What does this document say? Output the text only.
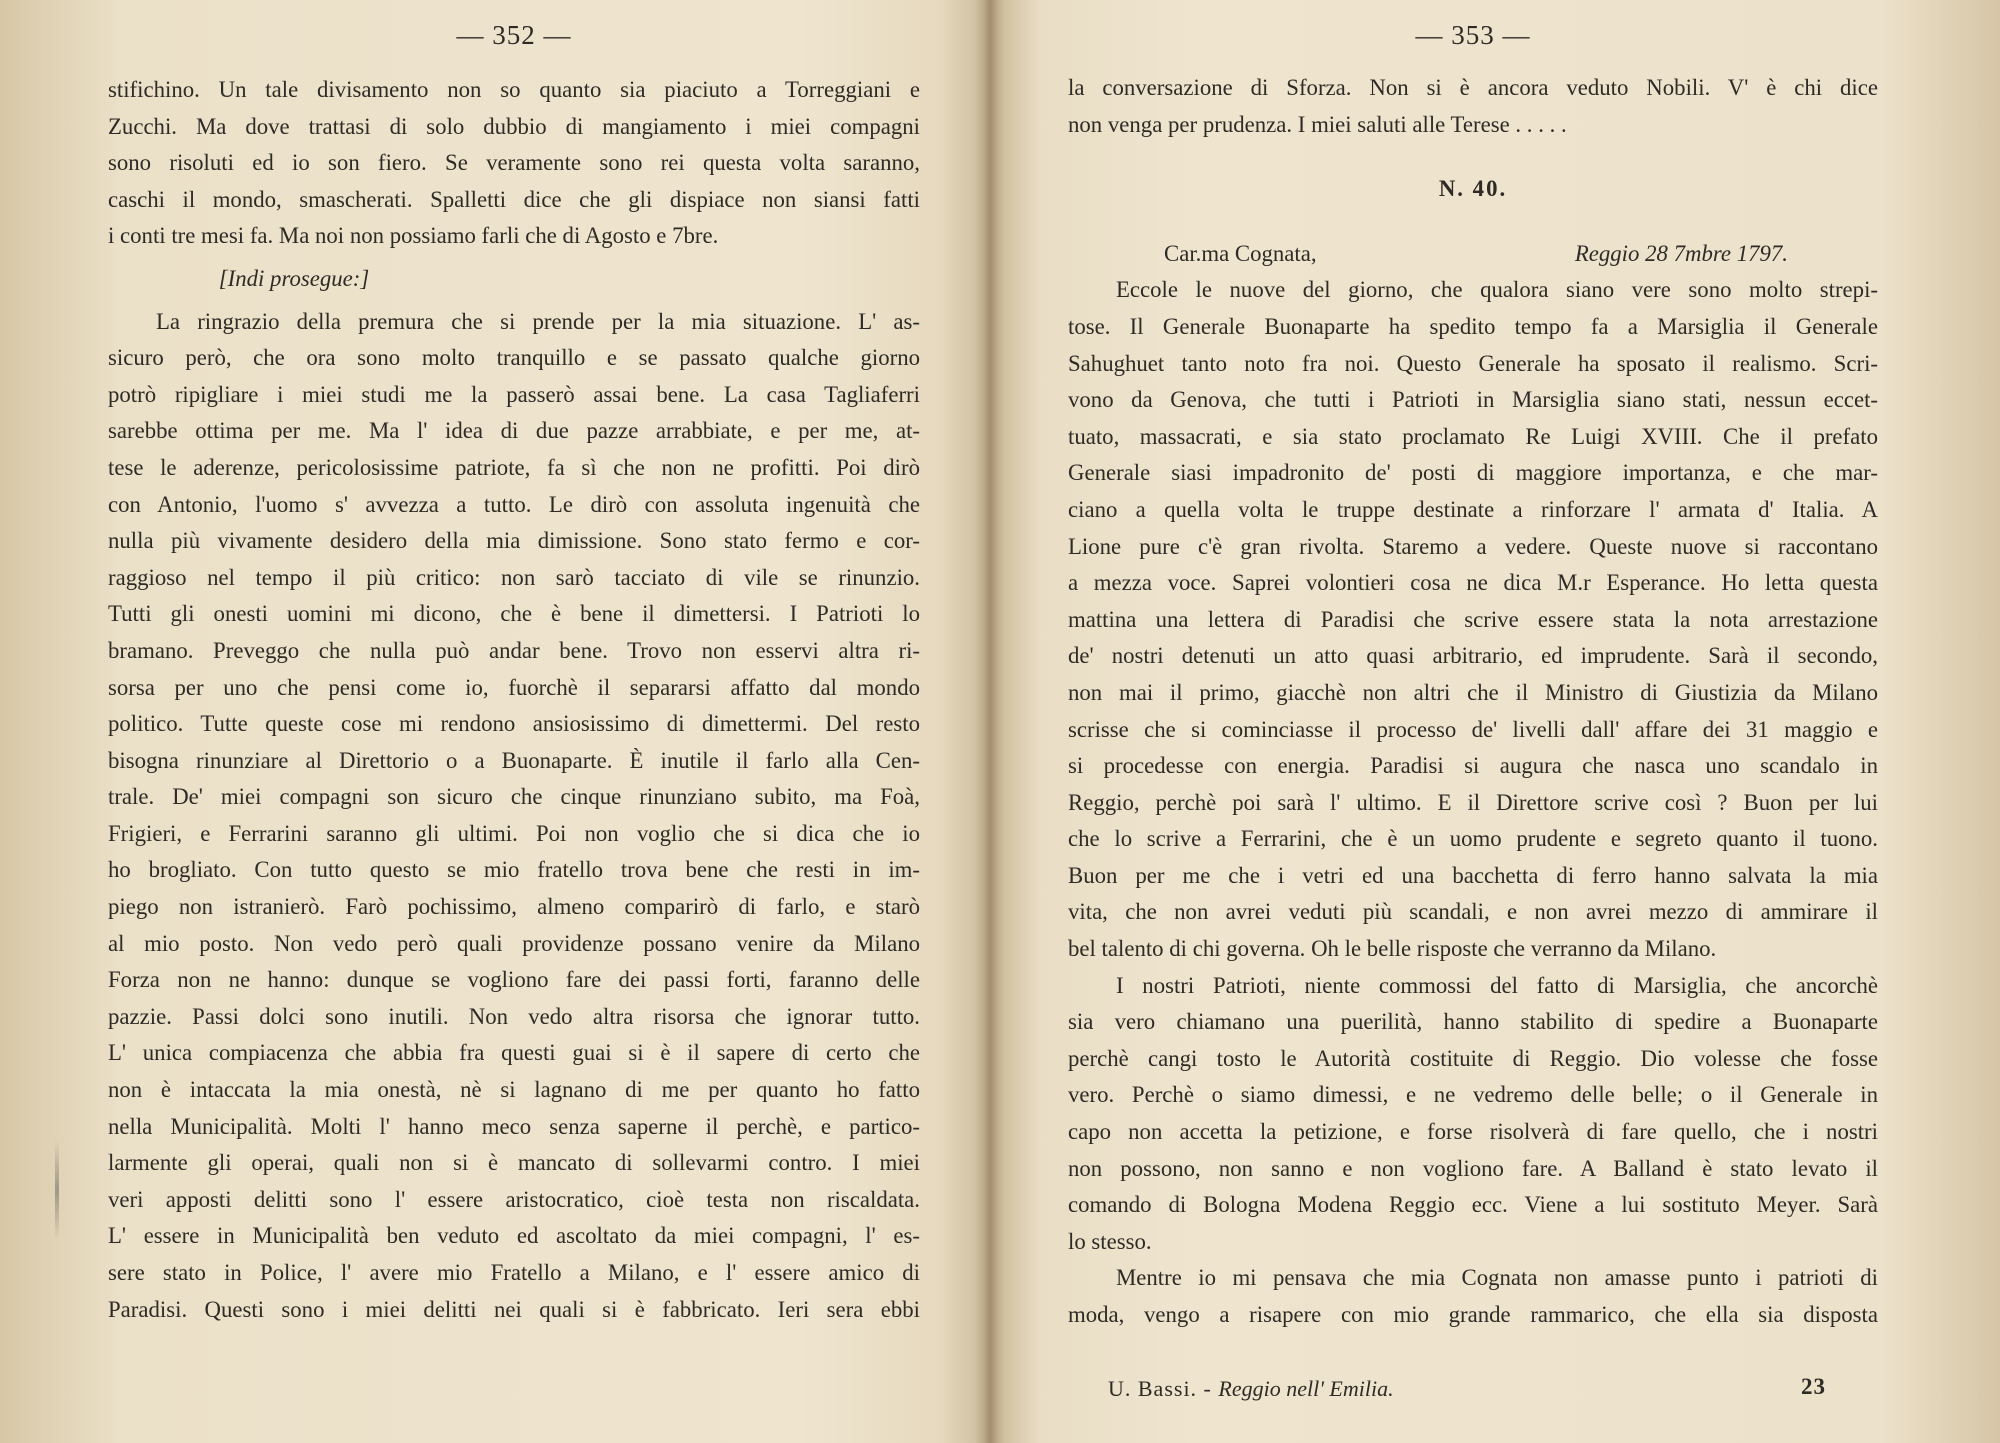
— 352 —
stifichino. Un tale divisamento non so quanto sia piaciuto a Torreggiani e
Zucchi. Ma dove trattasi di solo dubbio di mangiamento i miei compagni
sono risoluti ed io son fiero. Se veramente sono rei questa volta saranno,
caschi il mondo, smascherati. Spalletti dice che gli dispiace non siansi fatti
i conti tre mesi fa. Ma noi non possiamo farli che di Agosto e 7bre.
[Indi prosegue:]
La ringrazio della premura che si prende per la mia situazione. L' as-
sicuro però, che ora sono molto tranquillo e se passato qualche giorno
potrò ripigliare i miei studi me la passerò assai bene. La casa Tagliaferri
sarebbe ottima per me. Ma l' idea di due pazze arrabbiate, e per me, at-
tese le aderenze, pericolosissime patriote, fa sì che non ne profitti. Poi dirò
con Antonio, l'uomo s' avvezza a tutto. Le dirò con assoluta ingenuità che
nulla più vivamente desidero della mia dimissione. Sono stato fermo e cor-
raggioso nel tempo il più critico: non sarò tacciato di vile se rinunzio.
Tutti gli onesti uomini mi dicono, che è bene il dimettersi. I Patrioti lo
bramano. Preveggo che nulla può andar bene. Trovo non esservi altra ri-
sorsa per uno che pensi come io, fuorchè il separarsi affatto dal mondo
politico. Tutte queste cose mi rendono ansiosissimo di dimettermi. Del resto
bisogna rinunziare al Direttorio o a Buonaparte. È inutile il farlo alla Cen-
trale. De' miei compagni son sicuro che cinque rinunziano subito, ma Foà,
Frigieri, e Ferrarini saranno gli ultimi. Poi non voglio che si dica che io
ho brogliato. Con tutto questo se mio fratello trova bene che resti in im-
piego non istranierò. Farò pochissimo, almeno comparirò di farlo, e starò
al mio posto. Non vedo però quali providenze possano venire da Milano
Forza non ne hanno: dunque se vogliono fare dei passi forti, faranno delle
pazzie. Passi dolci sono inutili. Non vedo altra risorsa che ignorar tutto.
L' unica compiacenza che abbia fra questi guai si è il sapere di certo che
non è intaccata la mia onestà, nè si lagnano di me per quanto ho fatto
nella Municipalità. Molti l' hanno meco senza saperne il perchè, e partico-
larmente gli operai, quali non si è mancato di sollevarmi contro. I miei
veri apposti delitti sono l' essere aristocratico, cioè testa non riscaldata.
L' essere in Municipalità ben veduto ed ascoltato da miei compagni, l' es-
sere stato in Police, l' avere mio Fratello a Milano, e l' essere amico di
Paradisi. Questi sono i miei delitti nei quali si è fabbricato. Ieri sera ebbi
— 353 —
la conversazione di Sforza. Non si è ancora veduto Nobili. V' è chi dice
non venga per prudenza. I miei saluti alle Terese . . . . .
N. 40.
Car.ma Cognata,	Reggio 28 7mbre 1797.
Eccole le nuove del giorno, che qualora siano vere sono molto strepi-
tose. Il Generale Buonaparte ha spedito tempo fa a Marsiglia il Generale
Sahughuet tanto noto fra noi. Questo Generale ha sposato il realismo. Scri-
vono da Genova, che tutti i Patrioti in Marsiglia siano stati, nessun eccet-
tuato, massacrati, e sia stato proclamato Re Luigi XVIII. Che il prefato
Generale siasi impadronito de' posti di maggiore importanza, e che mar-
ciano a quella volta le truppe destinate a rinforzare l' armata d' Italia. A
Lione pure c'è gran rivolta. Staremo a vedere. Queste nuove si raccontano
a mezza voce. Saprei volontieri cosa ne dica M.r Esperance. Ho letta questa
mattina una lettera di Paradisi che scrive essere stata la nota arrestazione
de' nostri detenuti un atto quasi arbitrario, ed imprudente. Sarà il secondo,
non mai il primo, giacchè non altri che il Ministro di Giustizia da Milano
scrisse che si cominciasse il processo de' livelli dall' affare dei 31 maggio e
si procedesse con energia. Paradisi si augura che nasca uno scandalo in
Reggio, perchè poi sarà l' ultimo. E il Direttore scrive così ? Buon per lui
che lo scrive a Ferrarini, che è un uomo prudente e segreto quanto il tuono.
Buon per me che i vetri ed una bacchetta di ferro hanno salvata la mia
vita, che non avrei veduti più scandali, e non avrei mezzo di ammirare il
bel talento di chi governa. Oh le belle risposte che verranno da Milano.
I nostri Patrioti, niente commossi del fatto di Marsiglia, che ancorchè
sia vero chiamano una puerilità, hanno stabilito di spedire a Buonaparte
perchè cangi tosto le Autorità costituite di Reggio. Dio volesse che fosse
vero. Perchè o siamo dimessi, e ne vedremo delle belle; o il Generale in
capo non accetta la petizione, e forse risolverà di fare quello, che i nostri
non possono, non sanno e non vogliono fare. A Balland è stato levato il
comando di Bologna Modena Reggio ecc. Viene a lui sostituto Meyer. Sarà
lo stesso.
Mentre io mi pensava che mia Cognata non amasse punto i patrioti di
moda, vengo a risapere con mio grande rammarico, che ella sia disposta
U. Bassi. - Reggio nell' Emilia.	23
